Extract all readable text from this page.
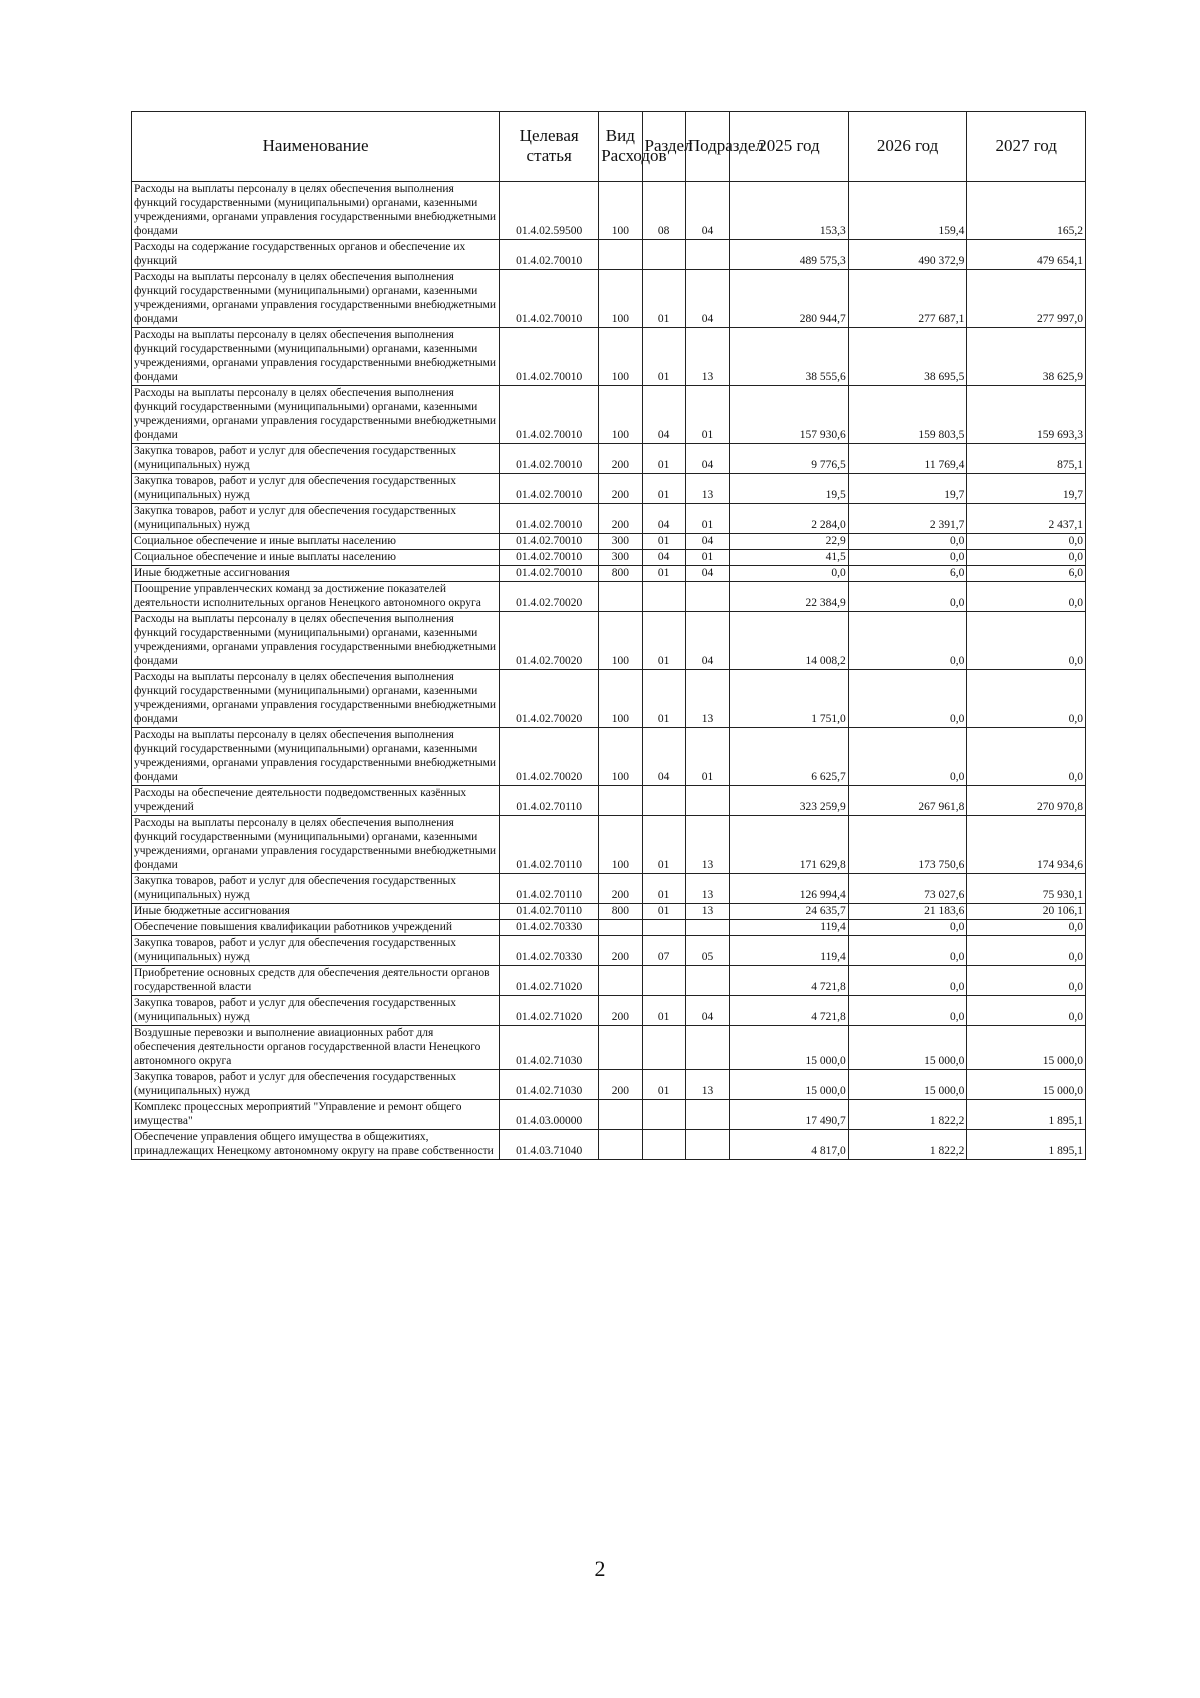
Наименование	Целевая статья	Вид Расходов	Раздел	Подраздел	2025 год	2026 год	2027 год
Расходы на выплаты персоналу в целях обеспечения выполнения функций государственными (муниципальными) органами, казенными учреждениями, органами управления государственными внебюджетными фондами	01.4.02.59500	100	08	04	153,3	159,4	165,2
Расходы на содержание государственных органов и обеспечение их функций	01.4.02.70010				489 575,3	490 372,9	479 654,1
Расходы на выплаты персоналу в целях обеспечения выполнения функций государственными (муниципальными) органами, казенными учреждениями, органами управления государственными внебюджетными фондами	01.4.02.70010	100	01	04	280 944,7	277 687,1	277 997,0
Расходы на выплаты персоналу в целях обеспечения выполнения функций государственными (муниципальными) органами, казенными учреждениями, органами управления государственными внебюджетными фондами	01.4.02.70010	100	01	13	38 555,6	38 695,5	38 625,9
Расходы на выплаты персоналу в целях обеспечения выполнения функций государственными (муниципальными) органами, казенными учреждениями, органами управления государственными внебюджетными фондами	01.4.02.70010	100	04	01	157 930,6	159 803,5	159 693,3
Закупка товаров, работ и услуг для обеспечения государственных (муниципальных) нужд	01.4.02.70010	200	01	04	9 776,5	11 769,4	875,1
Закупка товаров, работ и услуг для обеспечения государственных (муниципальных) нужд	01.4.02.70010	200	01	13	19,5	19,7	19,7
Закупка товаров, работ и услуг для обеспечения государственных (муниципальных) нужд	01.4.02.70010	200	04	01	2 284,0	2 391,7	2 437,1
Социальное обеспечение и иные выплаты населению	01.4.02.70010	300	01	04	22,9	0,0	0,0
Социальное обеспечение и иные выплаты населению	01.4.02.70010	300	04	01	41,5	0,0	0,0
Иные бюджетные ассигнования	01.4.02.70010	800	01	04	0,0	6,0	6,0
Поощрение управленческих команд за достижение показателей деятельности исполнительных органов Ненецкого автономного округа	01.4.02.70020				22 384,9	0,0	0,0
Расходы на выплаты персоналу в целях обеспечения выполнения функций государственными (муниципальными) органами, казенными учреждениями, органами управления государственными внебюджетными фондами	01.4.02.70020	100	01	04	14 008,2	0,0	0,0
Расходы на выплаты персоналу в целях обеспечения выполнения функций государственными (муниципальными) органами, казенными учреждениями, органами управления государственными внебюджетными фондами	01.4.02.70020	100	01	13	1 751,0	0,0	0,0
Расходы на выплаты персоналу в целях обеспечения выполнения функций государственными (муниципальными) органами, казенными учреждениями, органами управления государственными внебюджетными фондами	01.4.02.70020	100	04	01	6 625,7	0,0	0,0
Расходы на обеспечение деятельности подведомственных казённых учреждений	01.4.02.70110				323 259,9	267 961,8	270 970,8
Расходы на выплаты персоналу в целях обеспечения выполнения функций государственными (муниципальными) органами, казенными учреждениями, органами управления государственными внебюджетными фондами	01.4.02.70110	100	01	13	171 629,8	173 750,6	174 934,6
Закупка товаров, работ и услуг для обеспечения государственных (муниципальных) нужд	01.4.02.70110	200	01	13	126 994,4	73 027,6	75 930,1
Иные бюджетные ассигнования	01.4.02.70110	800	01	13	24 635,7	21 183,6	20 106,1
Обеспечение повышения квалификации работников учреждений	01.4.02.70330				119,4	0,0	0,0
Закупка товаров, работ и услуг для обеспечения государственных (муниципальных) нужд	01.4.02.70330	200	07	05	119,4	0,0	0,0
Приобретение основных средств для обеспечения деятельности органов государственной власти	01.4.02.71020				4 721,8	0,0	0,0
Закупка товаров, работ и услуг для обеспечения государственных (муниципальных) нужд	01.4.02.71020	200	01	04	4 721,8	0,0	0,0
Воздушные перевозки и выполнение авиационных работ для обеспечения деятельности органов государственной власти Ненецкого автономного округа	01.4.02.71030				15 000,0	15 000,0	15 000,0
Закупка товаров, работ и услуг для обеспечения государственных (муниципальных) нужд	01.4.02.71030	200	01	13	15 000,0	15 000,0	15 000,0
Комплекс процессных мероприятий "Управление и ремонт общего имущества"	01.4.03.00000				17 490,7	1 822,2	1 895,1
Обеспечение управления общего имущества в общежитиях, принадлежащих Ненецкому автономному округу на праве собственности	01.4.03.71040				4 817,0	1 822,2	1 895,1
2
